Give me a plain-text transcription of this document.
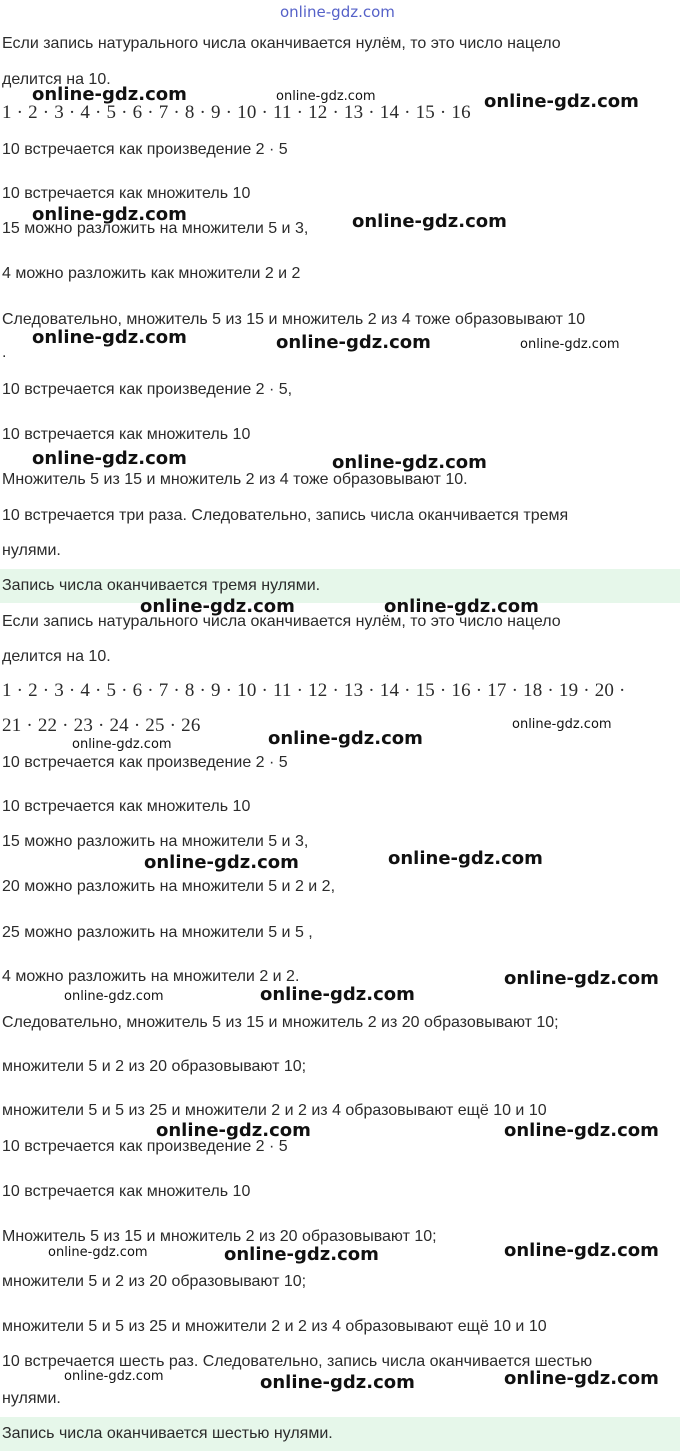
online-gdz.com
Если запись натурального числа оканчивается нулём, то это число нацело
делится на 10.
1 · 2 · 3 · 4 · 5 · 6 · 7 · 8 · 9 · 10 · 11 · 12 · 13 · 14 · 15 · 16
10 встречается как произведение 2 · 5
10 встречается как множитель 10
15 можно разложить на множители 5 и 3,
4 можно разложить как множители 2 и 2
Следовательно, множитель 5 из 15 и множитель 2 из 4 тоже образовывают 10
.
10 встречается как произведение 2 · 5,
10 встречается как множитель 10
Множитель 5 из 15 и множитель 2 из 4 тоже образовывают 10.
10 встречается три раза. Следовательно, запись числа оканчивается тремя
нулями.
Запись числа оканчивается тремя нулями.
Если запись натурального числа оканчивается нулём, то это число нацело
делится на 10.
1 · 2 · 3 · 4 · 5 · 6 · 7 · 8 · 9 · 10 · 11 · 12 · 13 · 14 · 15 · 16 · 17 · 18 · 19 · 20 ·
21 · 22 · 23 · 24 · 25 · 26
10 встречается как произведение 2 · 5
10 встречается как множитель 10
15 можно разложить на множители 5 и 3,
20 можно разложить на множители 5 и 2 и 2,
25 можно разложить на множители 5 и 5 ,
4 можно разложить на множители 2 и 2.
Следовательно, множитель 5 из 15 и множитель 2 из 20 образовывают 10;
множители 5 и 2 из 20 образовывают 10;
множители 5 и 5 из 25 и множители 2 и 2 из 4 образовывают ещё 10 и 10
10 встречается как произведение 2 · 5
10 встречается как множитель 10
Множитель 5 из 15 и множитель 2 из 20 образовывают 10;
множители 5 и 2 из 20 образовывают 10;
множители 5 и 5 из 25 и множители 2 и 2 из 4 образовывают ещё 10 и 10
10 встречается шесть раз. Следовательно, запись числа оканчивается шестью
нулями.
Запись числа оканчивается шестью нулями.
online-gdz.com	online-gdz.com	online-gdz.com
online-gdz.com	online-gdz.com
online-gdz.com	online-gdz.com	online-gdz.com
online-gdz.com	online-gdz.com
online-gdz.com	online-gdz.com
online-gdz.com
online-gdz.com	online-gdz.com
online-gdz.com	online-gdz.com
online-gdz.com
online-gdz.com	online-gdz.com
online-gdz.com	online-gdz.com
online-gdz.com	online-gdz.com	online-gdz.com
online-gdz.com	online-gdz.com	online-gdz.com
